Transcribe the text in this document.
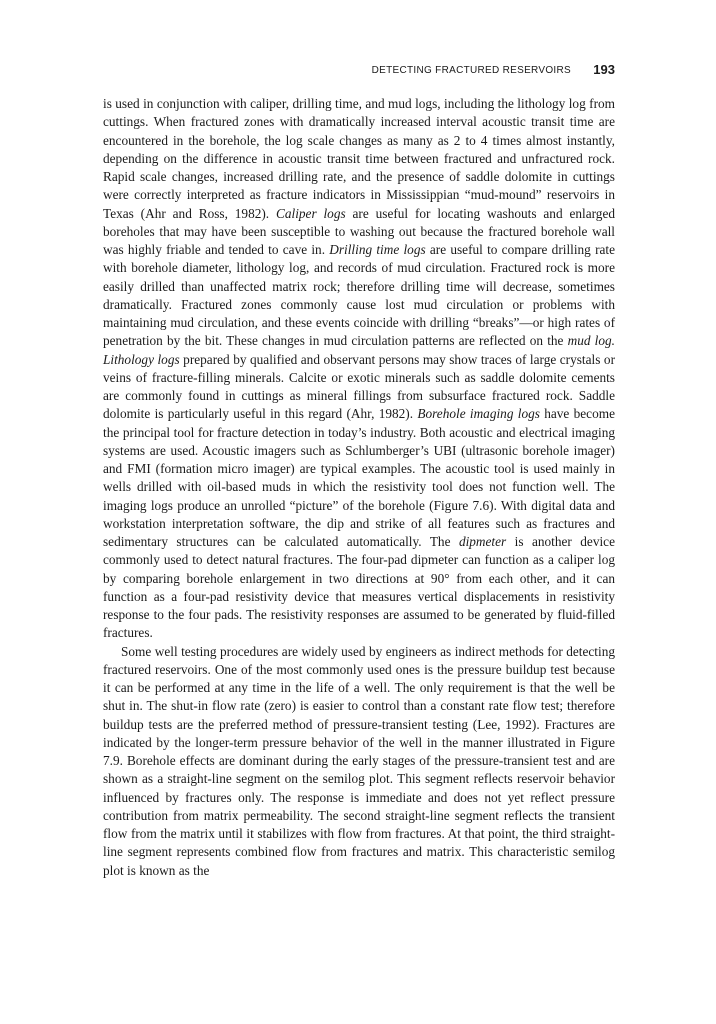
DETECTING FRACTURED RESERVOIRS 193

is used in conjunction with caliper, drilling time, and mud logs, including the lithology log from cuttings. When fractured zones with dramatically increased interval acoustic transit time are encountered in the borehole, the log scale changes as many as 2 to 4 times almost instantly, depending on the difference in acoustic transit time between fractured and unfractured rock. Rapid scale changes, increased drilling rate, and the presence of saddle dolomite in cuttings were correctly interpreted as fracture indicators in Mississippian “mud-mound” reservoirs in Texas (Ahr and Ross, 1982). Caliper logs are useful for locating washouts and enlarged boreholes that may have been susceptible to washing out because the fractured borehole wall was highly friable and tended to cave in. Drilling time logs are useful to compare drilling rate with borehole diameter, lithology log, and records of mud circulation. Fractured rock is more easily drilled than unaffected matrix rock; therefore drilling time will decrease, sometimes dramatically. Fractured zones commonly cause lost mud circulation or problems with maintaining mud circulation, and these events coincide with drilling “breaks”—or high rates of penetration by the bit. These changes in mud circulation patterns are reflected on the mud log. Lithology logs prepared by qualified and observant persons may show traces of large crystals or veins of fracture-filling minerals. Calcite or exotic minerals such as saddle dolomite cements are commonly found in cuttings as mineral fillings from subsurface fractured rock. Saddle dolomite is particularly useful in this regard (Ahr, 1982). Borehole imaging logs have become the principal tool for fracture detection in today’s industry. Both acoustic and electrical imaging systems are used. Acoustic imagers such as Schlumberger’s UBI (ultrasonic borehole imager) and FMI (formation micro imager) are typical examples. The acoustic tool is used mainly in wells drilled with oil-based muds in which the resistivity tool does not function well. The imaging logs produce an unrolled “picture” of the borehole (Figure 7.6). With digital data and workstation interpretation software, the dip and strike of all features such as fractures and sedimentary structures can be calculated automatically. The dipmeter is another device commonly used to detect natural fractures. The four-pad dipmeter can function as a caliper log by comparing borehole enlargement in two directions at 90° from each other, and it can function as a four-pad resistivity device that measures vertical displacements in resistivity response to the four pads. The resistivity responses are assumed to be generated by fluid-filled fractures.

Some well testing procedures are widely used by engineers as indirect methods for detecting fractured reservoirs. One of the most commonly used ones is the pressure buildup test because it can be performed at any time in the life of a well. The only requirement is that the well be shut in. The shut-in flow rate (zero) is easier to control than a constant rate flow test; therefore buildup tests are the preferred method of pressure-transient testing (Lee, 1992). Fractures are indicated by the longer-term pressure behavior of the well in the manner illustrated in Figure 7.9. Borehole effects are dominant during the early stages of the pressure-transient test and are shown as a straight-line segment on the semilog plot. This segment reflects reservoir behavior influenced by fractures only. The response is immediate and does not yet reflect pressure contribution from matrix permeability. The second straight-line segment reflects the transient flow from the matrix until it stabilizes with flow from fractures. At that point, the third straight-line segment represents combined flow from fractures and matrix. This characteristic semilog plot is known as the
